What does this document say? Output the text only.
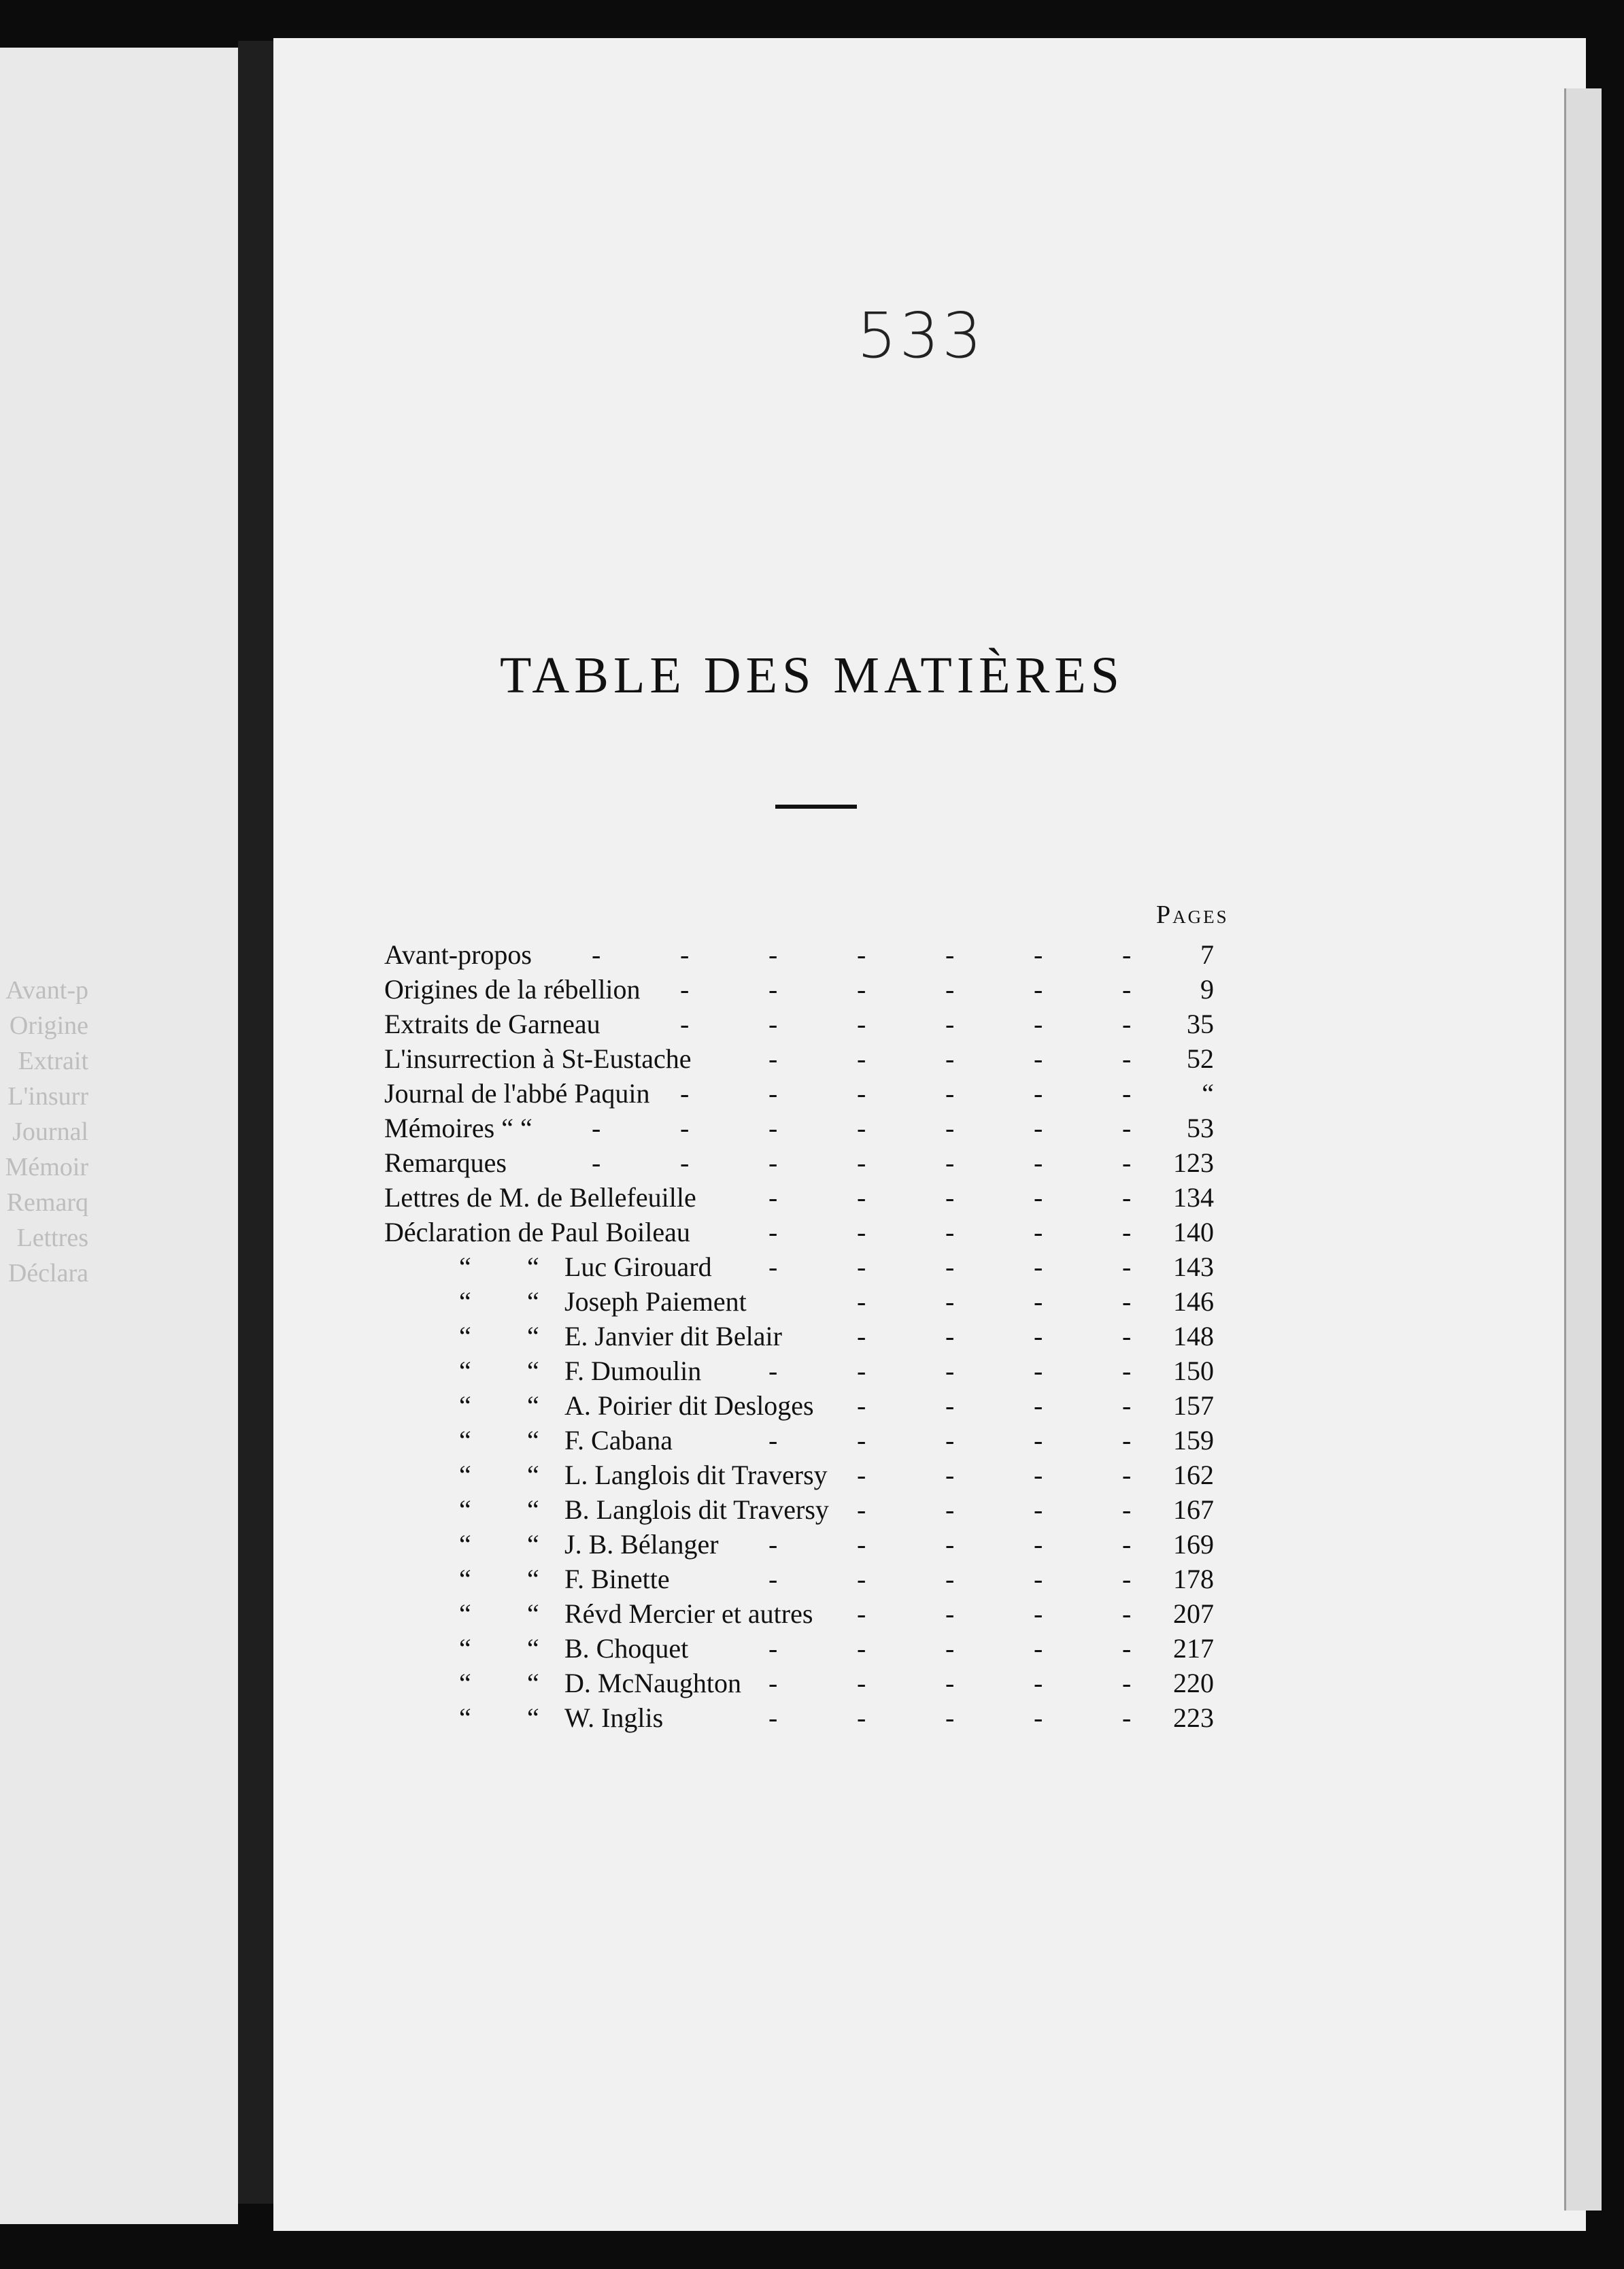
Avant-p
Origine
Extrait
L'insurr
Journal
Mémoir
Remarq
Lettres
Déclara
533
TABLE DES MATIÈRES
Pages
Avant-propos -	-	-	-	-	-	-	7
Origines de la rébellion -	-	-	-	-	-	9
Extraits de Garneau	-	-	-	-	-	-	35
L'insurrection à St-Eustache	-	-	-	-	-	52
Journal de l'abbé Paquin -	-	-	-	-	-	“
Mémoires “ “ -	-	-	-	-	-	-	53
Remarques	-	-	-	-	-	-	-	123
Lettres de M. de Bellefeuille	-	-	-	-	-	134
Déclaration de Paul Boileau	-	-	-	-	-	140
“ “ Luc Girouard -	-	-	-	-	143
“ “ Joseph Paiement	-	-	-	-	146
“ “ E. Janvier dit Belair	-	-	-	-	148
“ “ F. Dumoulin -	-	-	-	-	150
“ “ A. Poirier dit Desloges -	-	-	-	157
“ “ F. Cabana	-	-	-	-	-	159
“ “ L. Langlois dit Traversy -	-	-	-	162
“ “ B. Langlois dit Traversy -	-	-	-	167
“ “ J. B. Bélanger -	-	-	-	-	169
“ “ F. Binette	-	-	-	-	-	178
“ “ Révd Mercier et autres -	-	-	-	207
“ “ B. Choquet	-	-	-	-	-	217
“ “ D. McNaughton -	-	-	-	-	220
“ “ W. Inglis	-	-	-	-	-	223
